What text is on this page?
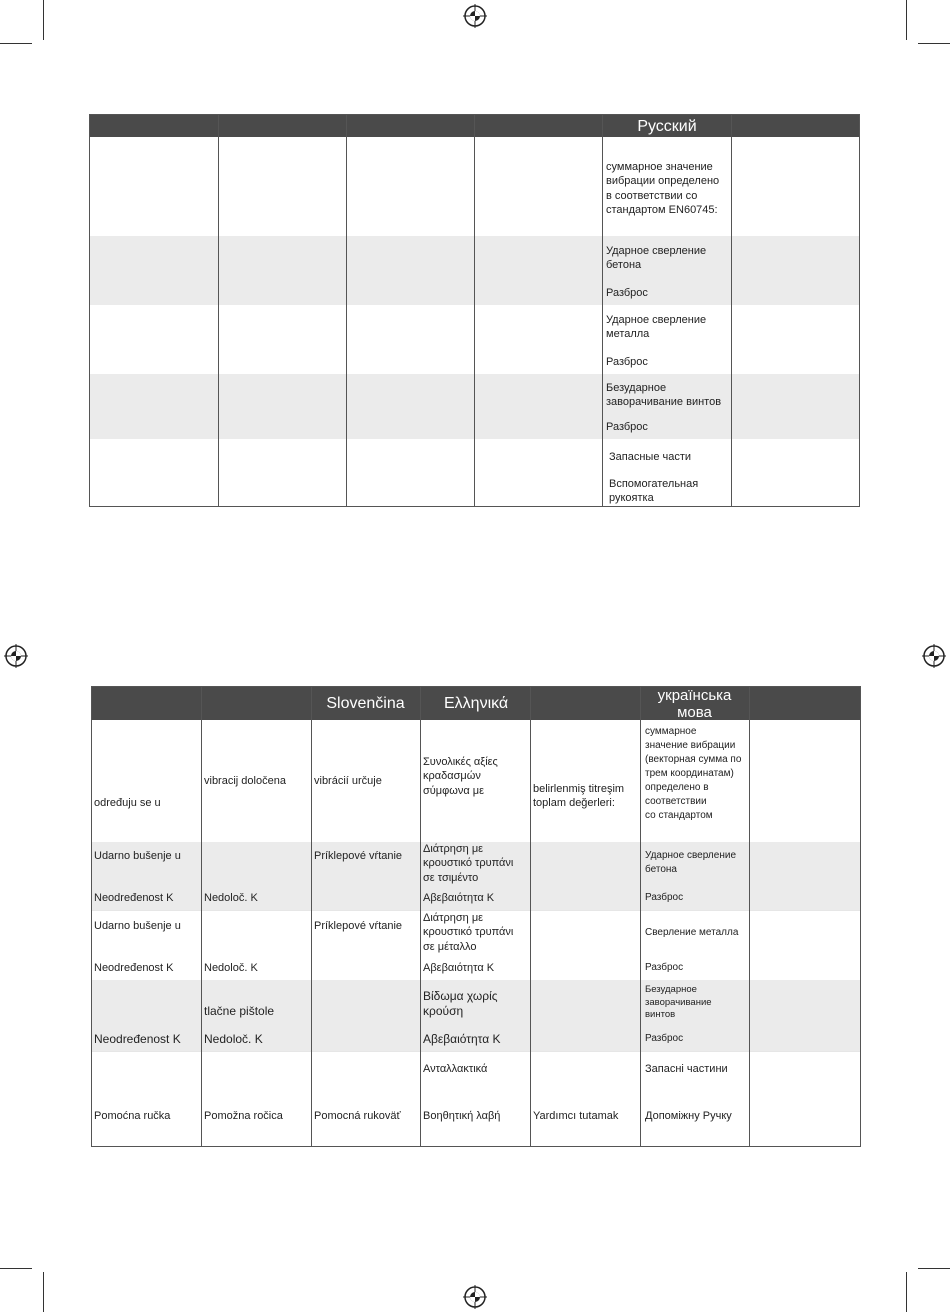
Русский
суммарное значение
вибрации определено
в соответствии со
стандартом EN60745:
Ударное сверление
бетона
Разброс
Ударное сверление
металла
Разброс
Безударное
заворачивание винтов
Разброс
Запасные части
Вспомогательная
рукоятка
Slovenčina	Ελληνικά	українська
мова
određuju se u
Udarno bušenje u
Neodređenost K
Udarno bušenje u
Neodređenost K
Neodređenost K
Pomoćna ručka
vibracij določena
Nedoloč. K
Nedoloč. K
tlačne pištole
Nedoloč. K
Pomožna ročica
vibrácií určuje
Príklepové vŕtanie
Príklepové vŕtanie
Pomocná rukoväť
Συνολικές αξίες
κραδασμών
σύμφωνα με
Διάτρηση με
κρουστικό τρυπάνι
σε τσιμέντο
Αβεβαιότητα K
Διάτρηση με
κρουστικό τρυπάνι
σε μέταλλο
Αβεβαιότητα K
Βίδωμα χωρίς
κρούση
Αβεβαιότητα K
Ανταλλακτικά
Βοηθητική λαβή
belirlenmiş titreşim
toplam değerleri:
Yardımcı tutamak
суммарное
значение вибрации
(векторная сумма по
трем координатам)
определено в
соответствии
со стандартом
Ударное сверление
бетона
Разброс
Сверление металла
Разброс
Безударное
заворачивание
винтов
Разброс
Запасні частини
Допоміжну Ручку
